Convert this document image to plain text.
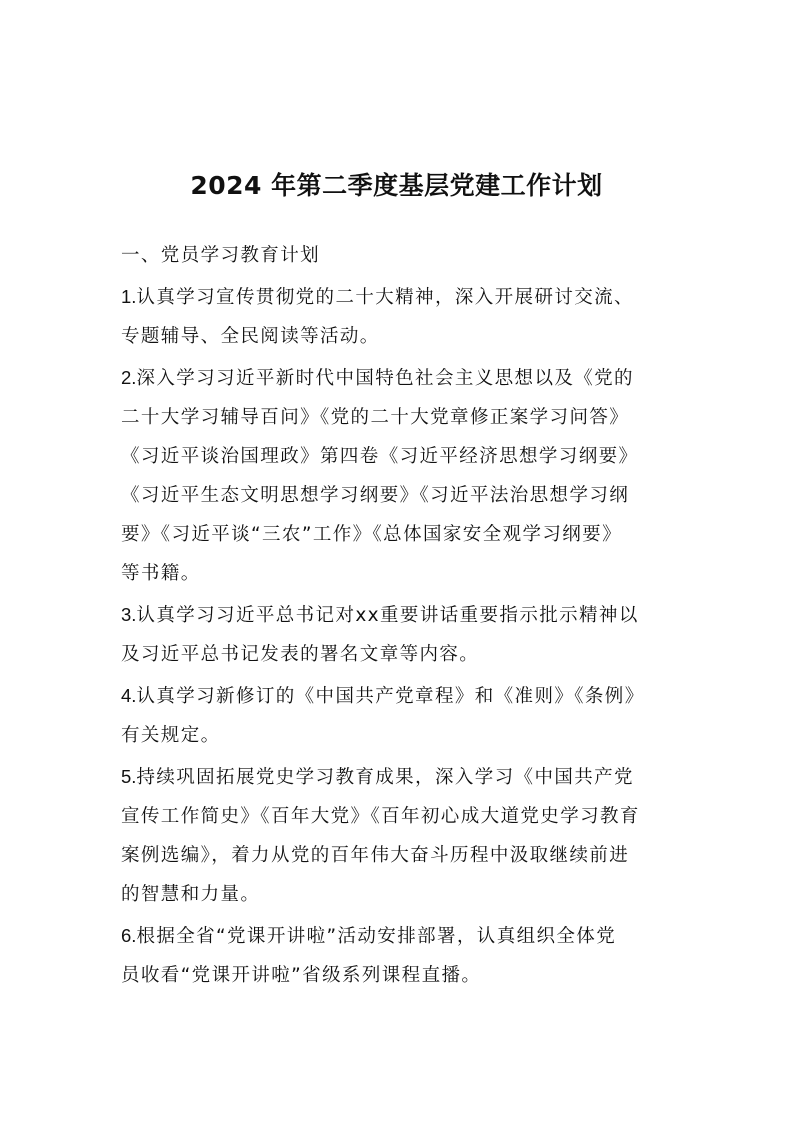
2024 年第二季度基层党建工作计划
一、党员学习教育计划
1.认真学习宣传贯彻党的二十大精神，深入开展研讨交流、
专题辅导、全民阅读等活动。
2.深入学习习近平新时代中国特色社会主义思想以及《党的
二十大学习辅导百问》《党的二十大党章修正案学习问答》
《习近平谈治国理政》第四卷《习近平经济思想学习纲要》
《习近平生态文明思想学习纲要》《习近平法治思想学习纲
要》《习近平谈“三农”工作》《总体国家安全观学习纲要》
等书籍。
3.认真学习习近平总书记对xx重要讲话重要指示批示精神以
及习近平总书记发表的署名文章等内容。
4.认真学习新修订的《中国共产党章程》和《准则》《条例》
有关规定。
5.持续巩固拓展党史学习教育成果，深入学习《中国共产党
宣传工作简史》《百年大党》《百年初心成大道党史学习教育
案例选编》，着力从党的百年伟大奋斗历程中汲取继续前进
的智慧和力量。
6.根据全省“党课开讲啦”活动安排部署，认真组织全体党
员收看“党课开讲啦”省级系列课程直播。
